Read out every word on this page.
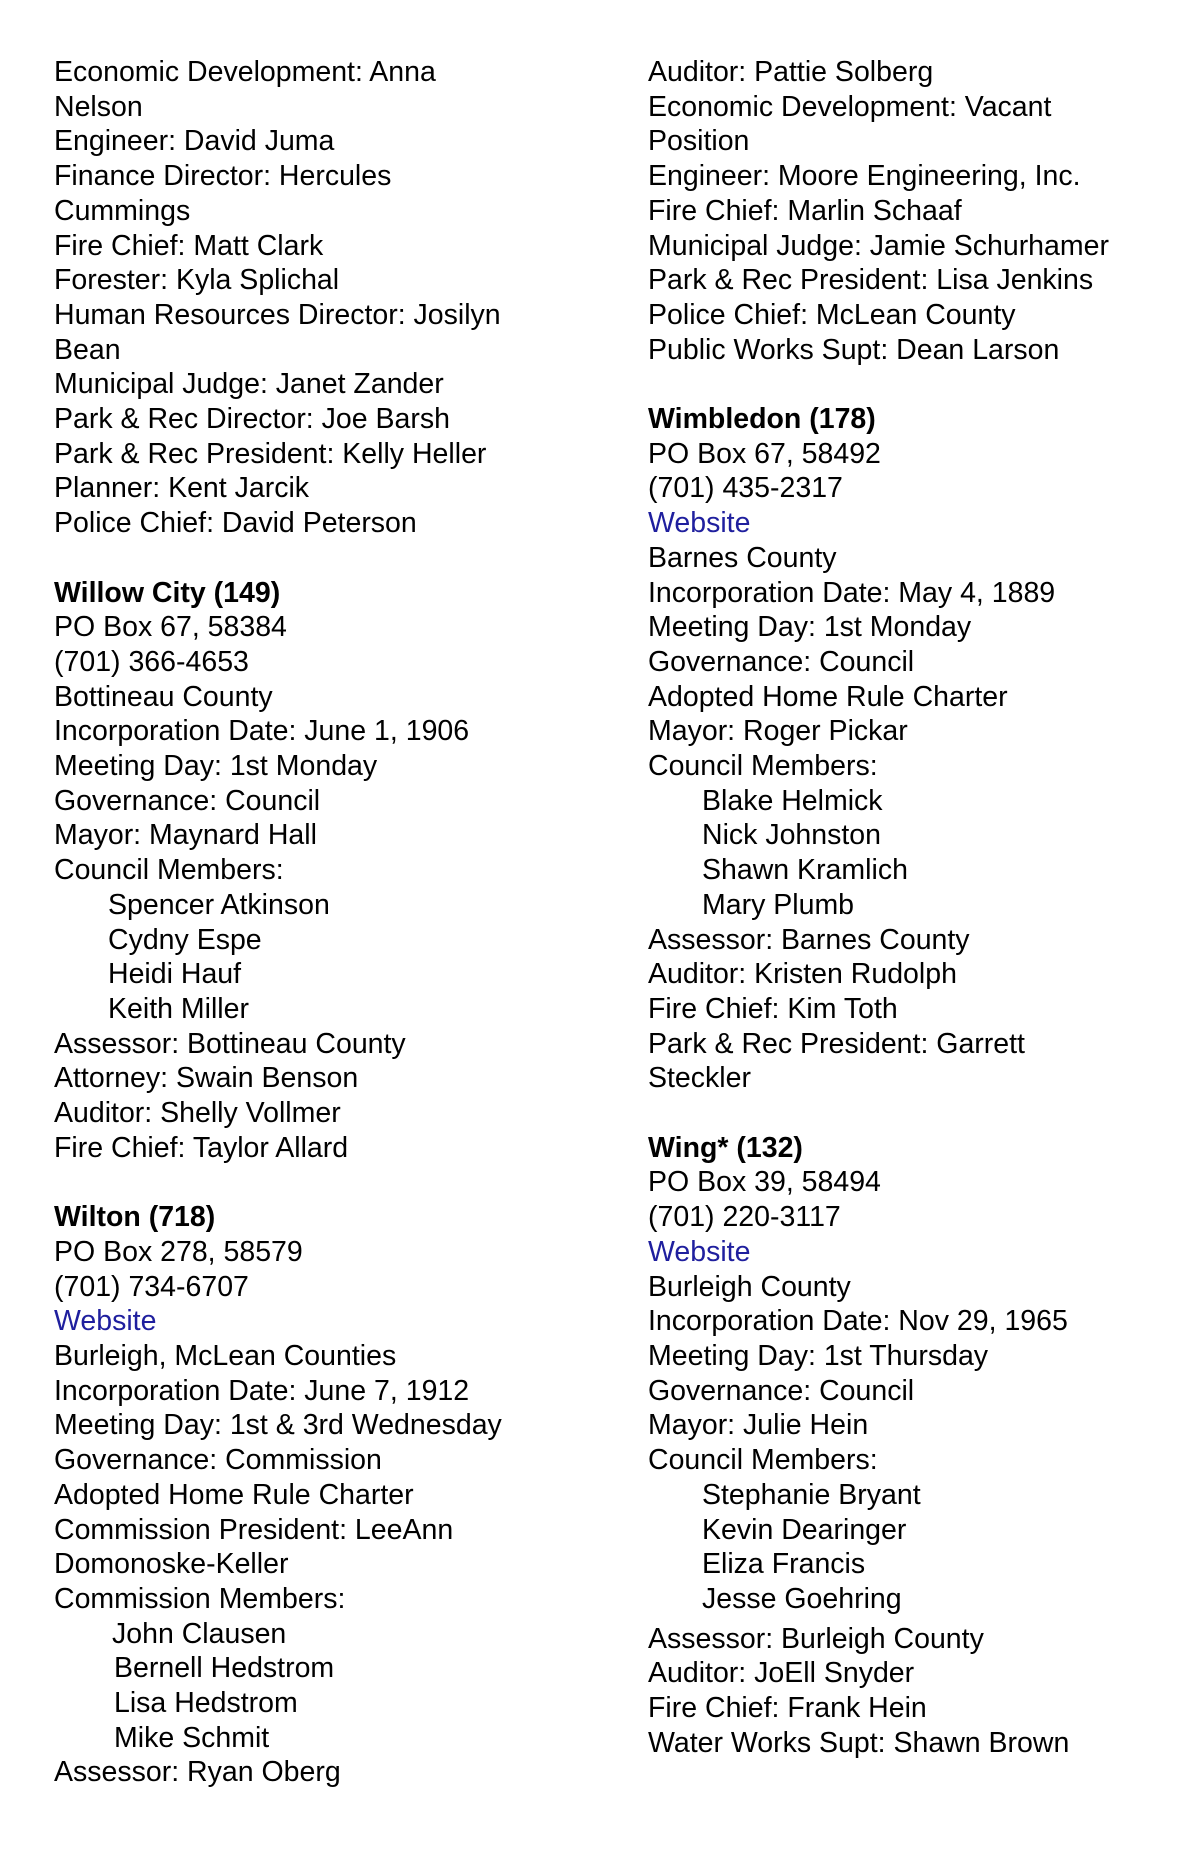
Economic Development: Anna Nelson
Engineer: David Juma
Finance Director: Hercules Cummings
Fire Chief: Matt Clark
Forester: Kyla Splichal
Human Resources Director: Josilyn Bean
Municipal Judge: Janet Zander
Park & Rec Director: Joe Barsh
Park & Rec President: Kelly Heller
Planner: Kent Jarcik
Police Chief: David Peterson
Willow City (149)
PO Box 67, 58384
(701) 366-4653
Bottineau County
Incorporation Date: June 1, 1906
Meeting Day: 1st Monday
Governance: Council
Mayor: Maynard Hall
Council Members:
Spencer Atkinson
Cydny Espe
Heidi Hauf
Keith Miller
Assessor: Bottineau County
Attorney: Swain Benson
Auditor: Shelly Vollmer
Fire Chief: Taylor Allard
Wilton (718)
PO Box 278, 58579
(701) 734-6707
Website
Burleigh, McLean Counties
Incorporation Date: June 7, 1912
Meeting Day: 1st & 3rd Wednesday
Governance: Commission
Adopted Home Rule Charter
Commission President: LeeAnn Domonoske-Keller
Commission Members:
John Clausen
Bernell Hedstrom
Lisa Hedstrom
Mike Schmit
Assessor: Ryan Oberg
Auditor: Pattie Solberg
Economic Development: Vacant Position
Engineer: Moore Engineering, Inc.
Fire Chief: Marlin Schaaf
Municipal Judge: Jamie Schurhamer
Park & Rec President: Lisa Jenkins
Police Chief: McLean County
Public Works Supt: Dean Larson
Wimbledon (178)
PO Box 67, 58492
(701) 435-2317
Website
Barnes County
Incorporation Date: May 4, 1889
Meeting Day: 1st Monday
Governance: Council
Adopted Home Rule Charter
Mayor: Roger Pickar
Council Members:
Blake Helmick
Nick Johnston
Shawn Kramlich
Mary Plumb
Assessor: Barnes County
Auditor: Kristen Rudolph
Fire Chief: Kim Toth
Park & Rec President: Garrett Steckler
Wing* (132)
PO Box 39, 58494
(701) 220-3117
Website
Burleigh County
Incorporation Date: Nov 29, 1965
Meeting Day: 1st Thursday
Governance: Council
Mayor: Julie Hein
Council Members:
Stephanie Bryant
Kevin Dearinger
Eliza Francis
Jesse Goehring
Assessor: Burleigh County
Auditor: JoEll Snyder
Fire Chief: Frank Hein
Water Works Supt: Shawn Brown
